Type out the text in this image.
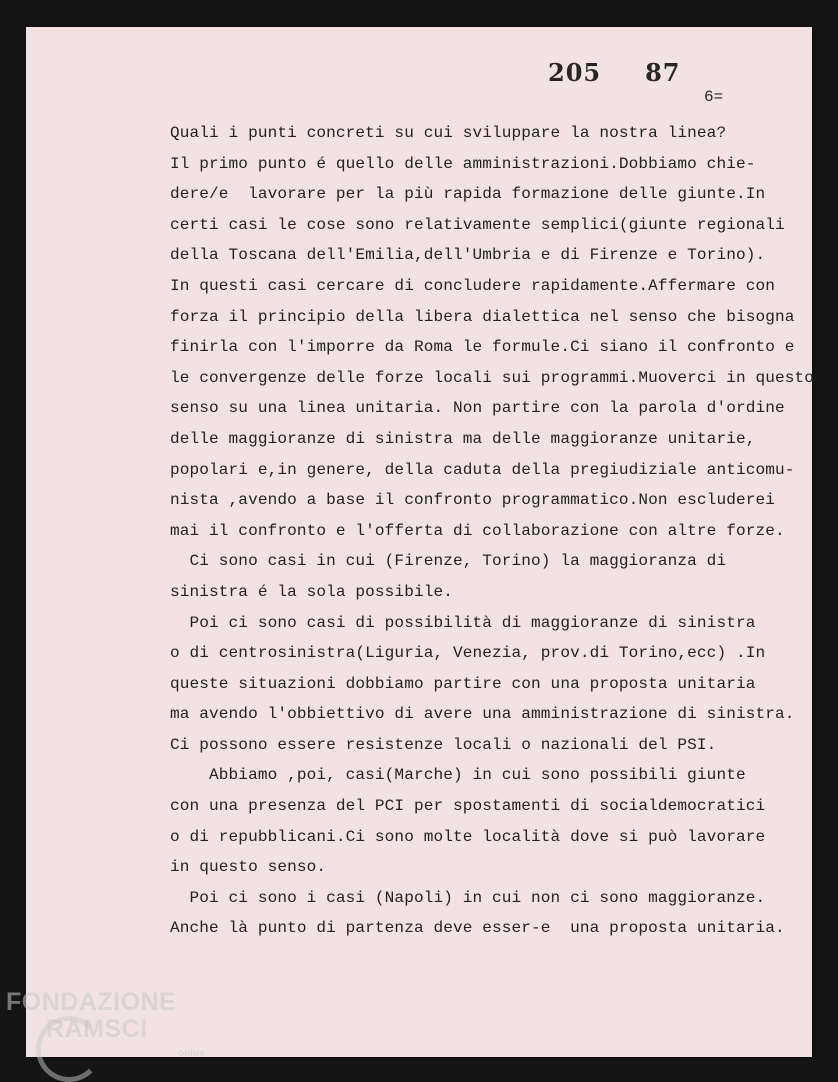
205 87
6=
Quali i punti concreti su cui sviluppare la nostra linea?
Il primo punto é quello delle amministrazioni.Dobbiamo chie-
dere/e  lavorare per la più rapida formazione delle giunte.In
certi casi le cose sono relativamente semplici(giunte regionali
della Toscana dell'Emilia,dell'Umbria e di Firenze e Torino).
In questi casi cercare di concludere rapidamente.Affermare con
forza il principio della libera dialettica nel senso che bisogna
finirla con l'imporre da Roma le formule.Ci siano il confronto e
le convergenze delle forze locali sui programmi.Muoverci in questo
senso su una linea unitaria. Non partire con la parola d'ordine
delle maggioranze di sinistra ma delle maggioranze unitarie,
popolari e,in genere, della caduta della pregiudiziale anticomu-
nista ,avendo a base il confronto programmatico.Non escluderei
mai il confronto e l'offerta di collaborazione con altre forze.
Ci sono casi in cui (Firenze, Torino) la maggioranza di
sinistra é la sola possibile.
Poi ci sono casi di possibilità di maggioranze di sinistra
o di centrosinistra(Liguria, Venezia, prov.di Torino,ecc) .In
queste situazioni dobbiamo partire con una proposta unitaria
ma avendo l'obbiettivo di avere una amministrazione di sinistra.
Ci possono essere resistenze locali o nazionali del PSI.
Abbiamo ,poi, casi(Marche) in cui sono possibili giunte
con una presenza del PCI per spostamenti di socialdemocratici
o di repubblicani.Ci sono molte località dove si può lavorare
in questo senso.
Poi ci sono i casi (Napoli) in cui non ci sono maggioranze.
Anche là punto di partenza deve esser-e  una proposta unitaria.
FONDAZIONE
RAMSCI
onlus
